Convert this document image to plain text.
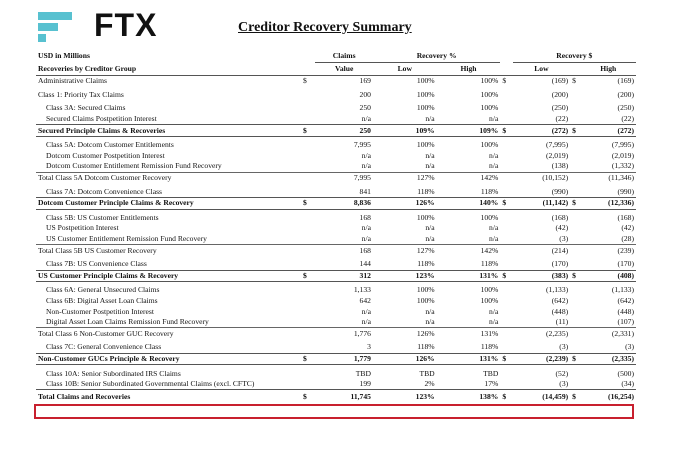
FTX	Creditor Recovery Summary
USD in Millions		Claims	Recovery %			Recovery $		
Recoveries by Creditor Group		Value	Low	High		Low		High
Administrative Claims	$	169	100%	100%	$	(169)	$	(169)

Class 1: Priority Tax Claims		200	100%	100%		(200)		(200)

Class 3A: Secured Claims		250	100%	100%		(250)		(250)
Secured Claims Postpetition Interest		n/a	n/a	n/a		(22)		(22)
Secured Principle Claims & Recoveries	$	250	109%	109%	$	(272)	$	(272)

Class 5A: Dotcom Customer Entitlements		7,995	100%	100%		(7,995)		(7,995)
Dotcom Customer Postpetition Interest		n/a	n/a	n/a		(2,019)		(2,019)
Dotcom Customer Entitlement Remission Fund Recovery		n/a	n/a	n/a		(138)		(1,332)
Total Class 5A Dotcom Customer Recovery		7,995	127%	142%		(10,152)		(11,346)

Class 7A: Dotcom Convenience Class		841	118%	118%		(990)		(990)
Dotcom Customer Principle Claims & Recovery	$	8,836	126%	140%	$	(11,142)	$	(12,336)

Class 5B: US Customer Entitlements		168	100%	100%		(168)		(168)
US Postpetition Interest		n/a	n/a	n/a		(42)		(42)
US Customer Entitlement Remission Fund Recovery		n/a	n/a	n/a		(3)		(28)
Total Class 5B US Customer Recovery		168	127%	142%		(214)		(239)

Class 7B: US Convenience Class		144	118%	118%		(170)		(170)
US Customer Principle Claims & Recovery	$	312	123%	131%	$	(383)	$	(408)

Class 6A: General Unsecured Claims		1,133	100%	100%		(1,133)		(1,133)
Class 6B: Digital Asset Loan Claims		642	100%	100%		(642)		(642)
Non-Customer Postpetition Interest		n/a	n/a	n/a		(448)		(448)
Digital Asset Loan Claims Remission Fund Recovery		n/a	n/a	n/a		(11)		(107)
Total Class 6 Non-Customer GUC Recovery		1,776	126%	131%		(2,235)		(2,331)

Class 7C: General Convenience Class		3	118%	118%		(3)		(3)
Non-Customer GUCs Principle & Recovery	$	1,779	126%	131%	$	(2,239)	$	(2,335)

Class 10A: Senior Subordinated IRS Claims		TBD	TBD	TBD		(52)		(500)
Class 10B: Senior Subordinated Governmental Claims (excl. CFTC)		199	2%	17%		(3)		(34)
Total Claims and Recoveries	$	11,745	123%	138%	$	(14,459)	$	(16,254)
